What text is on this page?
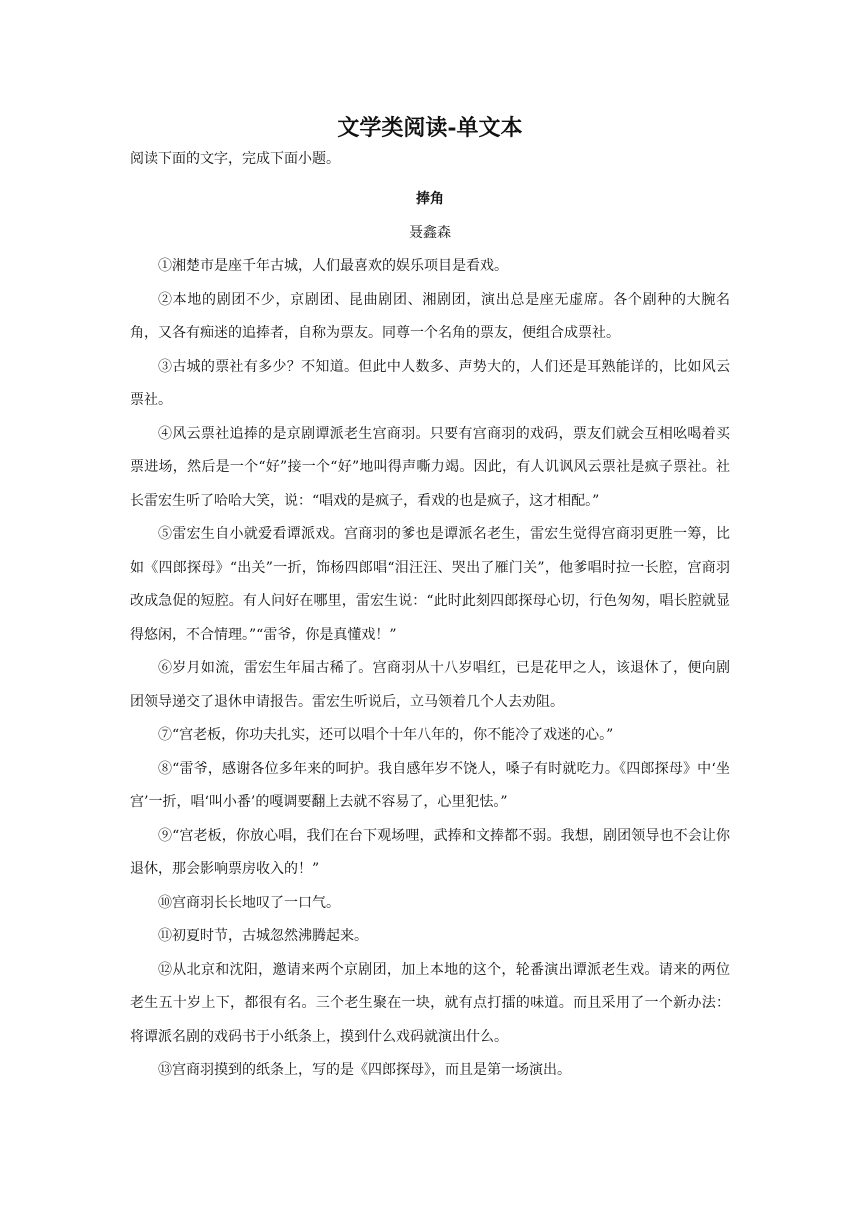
文学类阅读-单文本

阅读下面的文字，完成下面小题。

捧角
聂鑫森

①湘楚市是座千年古城，人们最喜欢的娱乐项目是看戏。

②本地的剧团不少，京剧团、昆曲剧团、湘剧团，演出总是座无虚席。各个剧种的大腕名角，又各有痴迷的追捧者，自称为票友。同尊一个名角的票友，便组合成票社。

③古城的票社有多少？不知道。但此中人数多、声势大的，人们还是耳熟能详的，比如风云票社。

④风云票社追捧的是京剧谭派老生宫商羽。只要有宫商羽的戏码，票友们就会互相吆喝着买票进场，然后是一个“好”接一个“好”地叫得声嘶力竭。因此，有人讥讽风云票社是疯子票社。社长雷宏生听了哈哈大笑，说：“唱戏的是疯子，看戏的也是疯子，这才相配。”

⑤雷宏生自小就爱看谭派戏。宫商羽的爹也是谭派名老生，雷宏生觉得宫商羽更胜一筹，比如《四郎探母》“出关”一折，饰杨四郎唱“泪汪汪、哭出了雁门关”，他爹唱时拉一长腔，宫商羽改成急促的短腔。有人问好在哪里，雷宏生说：“此时此刻四郎探母心切，行色匆匆，唱长腔就显得悠闲，不合情理。”“雷爷，你是真懂戏！”

⑥岁月如流，雷宏生年届古稀了。宫商羽从十八岁唱红，已是花甲之人，该退休了，便向剧团领导递交了退休申请报告。雷宏生听说后，立马领着几个人去劝阻。

⑦“宫老板，你功夫扎实，还可以唱个十年八年的，你不能冷了戏迷的心。”

⑧“雷爷，感谢各位多年来的呵护。我自感年岁不饶人，嗓子有时就吃力。《四郎探母》中‘坐宫’一折，唱‘叫小番’的嘎调要翻上去就不容易了，心里犯怯。”

⑨“宫老板，你放心唱，我们在台下观场哩，武捧和文捧都不弱。我想，剧团领导也不会让你退休，那会影响票房收入的！”

⑩宫商羽长长地叹了一口气。

⑪初夏时节，古城忽然沸腾起来。

⑫从北京和沈阳，邀请来两个京剧团，加上本地的这个，轮番演出谭派老生戏。请来的两位老生五十岁上下，都很有名。三个老生聚在一块，就有点打擂的味道。而且采用了一个新办法：将谭派名剧的戏码书于小纸条上，摸到什么戏码就演出什么。

⑬宫商羽摸到的纸条上，写的是《四郎探母》，而且是第一场演出。
